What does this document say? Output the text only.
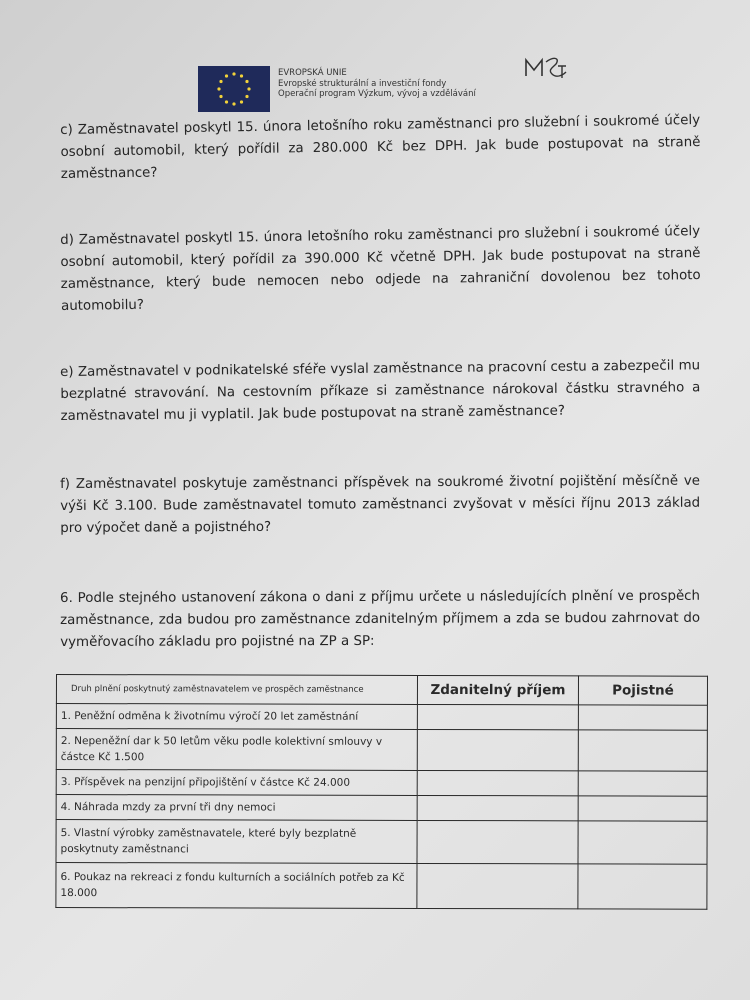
EVROPSKÁ UNIE
Evropské strukturální a investiční fondy
Operační program Výzkum, vývoj a vzdělávání
c) Zaměstnavatel poskytl 15. února letošního roku zaměstnanci pro služební i soukromé účely osobní automobil, který pořídil za 280.000 Kč bez DPH. Jak bude postupovat na straně zaměstnance?
d) Zaměstnavatel poskytl 15. února letošního roku zaměstnanci pro služební i soukromé účely osobní automobil, který pořídil za 390.000 Kč včetně DPH. Jak bude postupovat na straně zaměstnance, který bude nemocen nebo odjede na zahraniční dovolenou bez tohoto automobilu?
e) Zaměstnavatel v podnikatelské sféře vyslal zaměstnance na pracovní cestu a zabezpečil mu bezplatné stravování. Na cestovním příkaze si zaměstnance nárokoval částku stravného a zaměstnavatel mu ji vyplatil. Jak bude postupovat na straně zaměstnance?
f) Zaměstnavatel poskytuje zaměstnanci příspěvek na soukromé životní pojištění měsíčně ve výši Kč 3.100. Bude zaměstnavatel tomuto zaměstnanci zvyšovat v měsíci říjnu 2013 základ pro výpočet daně a pojistného?
6. Podle stejného ustanovení zákona o dani z příjmu určete u následujících plnění ve prospěch zaměstnance, zda budou pro zaměstnance zdanitelným příjmem a zda se budou zahrnovat do vyměřovacího základu pro pojistné na ZP a SP:
Druh plnění poskytnutý zaměstnavatelem ve prospěch zaměstnance	Zdanitelný příjem	Pojistné
1. Peněžní odměna k životnímu výročí 20 let zaměstnání		
2. Nepeněžní dar k 50 letům věku podle kolektivní smlouvy v částce Kč 1.500		
3. Příspěvek na penzijní připojištění v částce Kč 24.000		
4. Náhrada mzdy za první tři dny nemoci		
5. Vlastní výrobky zaměstnavatele, které byly bezplatně poskytnuty zaměstnanci		
6. Poukaz na rekreaci z fondu kulturních a sociálních potřeb za Kč 18.000		
